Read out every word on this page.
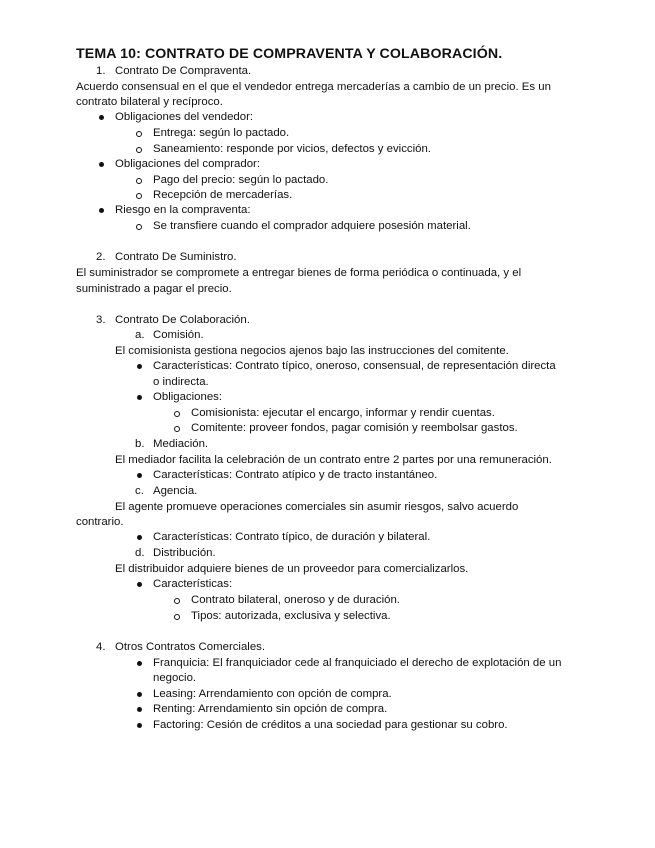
TEMA 10: CONTRATO DE COMPRAVENTA Y COLABORACIÓN.
1. Contrato De Compraventa.
Acuerdo consensual en el que el vendedor entrega mercaderías a cambio de un precio. Es un
contrato bilateral y recíproco.
Obligaciones del vendedor:
Entrega: según lo pactado.
Saneamiento: responde por vicios, defectos y evicción.
Obligaciones del comprador:
Pago del precio: según lo pactado.
Recepción de mercaderías.
Riesgo en la compraventa:
Se transfiere cuando el comprador adquiere posesión material.
2. Contrato De Suministro.
El suministrador se compromete a entregar bienes de forma periódica o continuada, y el
suministrado a pagar el precio.
3. Contrato De Colaboración.
a. Comisión.
El comisionista gestiona negocios ajenos bajo las instrucciones del comitente.
Características: Contrato típico, oneroso, consensual, de representación directa
o indirecta.
Obligaciones:
Comisionista: ejecutar el encargo, informar y rendir cuentas.
Comitente: proveer fondos, pagar comisión y reembolsar gastos.
b. Mediación.
El mediador facilita la celebración de un contrato entre 2 partes por una remuneración.
Características: Contrato atípico y de tracto instantáneo.
c. Agencia.
El agente promueve operaciones comerciales sin asumir riesgos, salvo acuerdo
contrario.
Características: Contrato típico, de duración y bilateral.
d. Distribución.
El distribuidor adquiere bienes de un proveedor para comercializarlos.
Características:
Contrato bilateral, oneroso y de duración.
Tipos: autorizada, exclusiva y selectiva.
4. Otros Contratos Comerciales.
Franquicia: El franquiciador cede al franquiciado el derecho de explotación de un
negocio.
Leasing: Arrendamiento con opción de compra.
Renting: Arrendamiento sin opción de compra.
Factoring: Cesión de créditos a una sociedad para gestionar su cobro.
